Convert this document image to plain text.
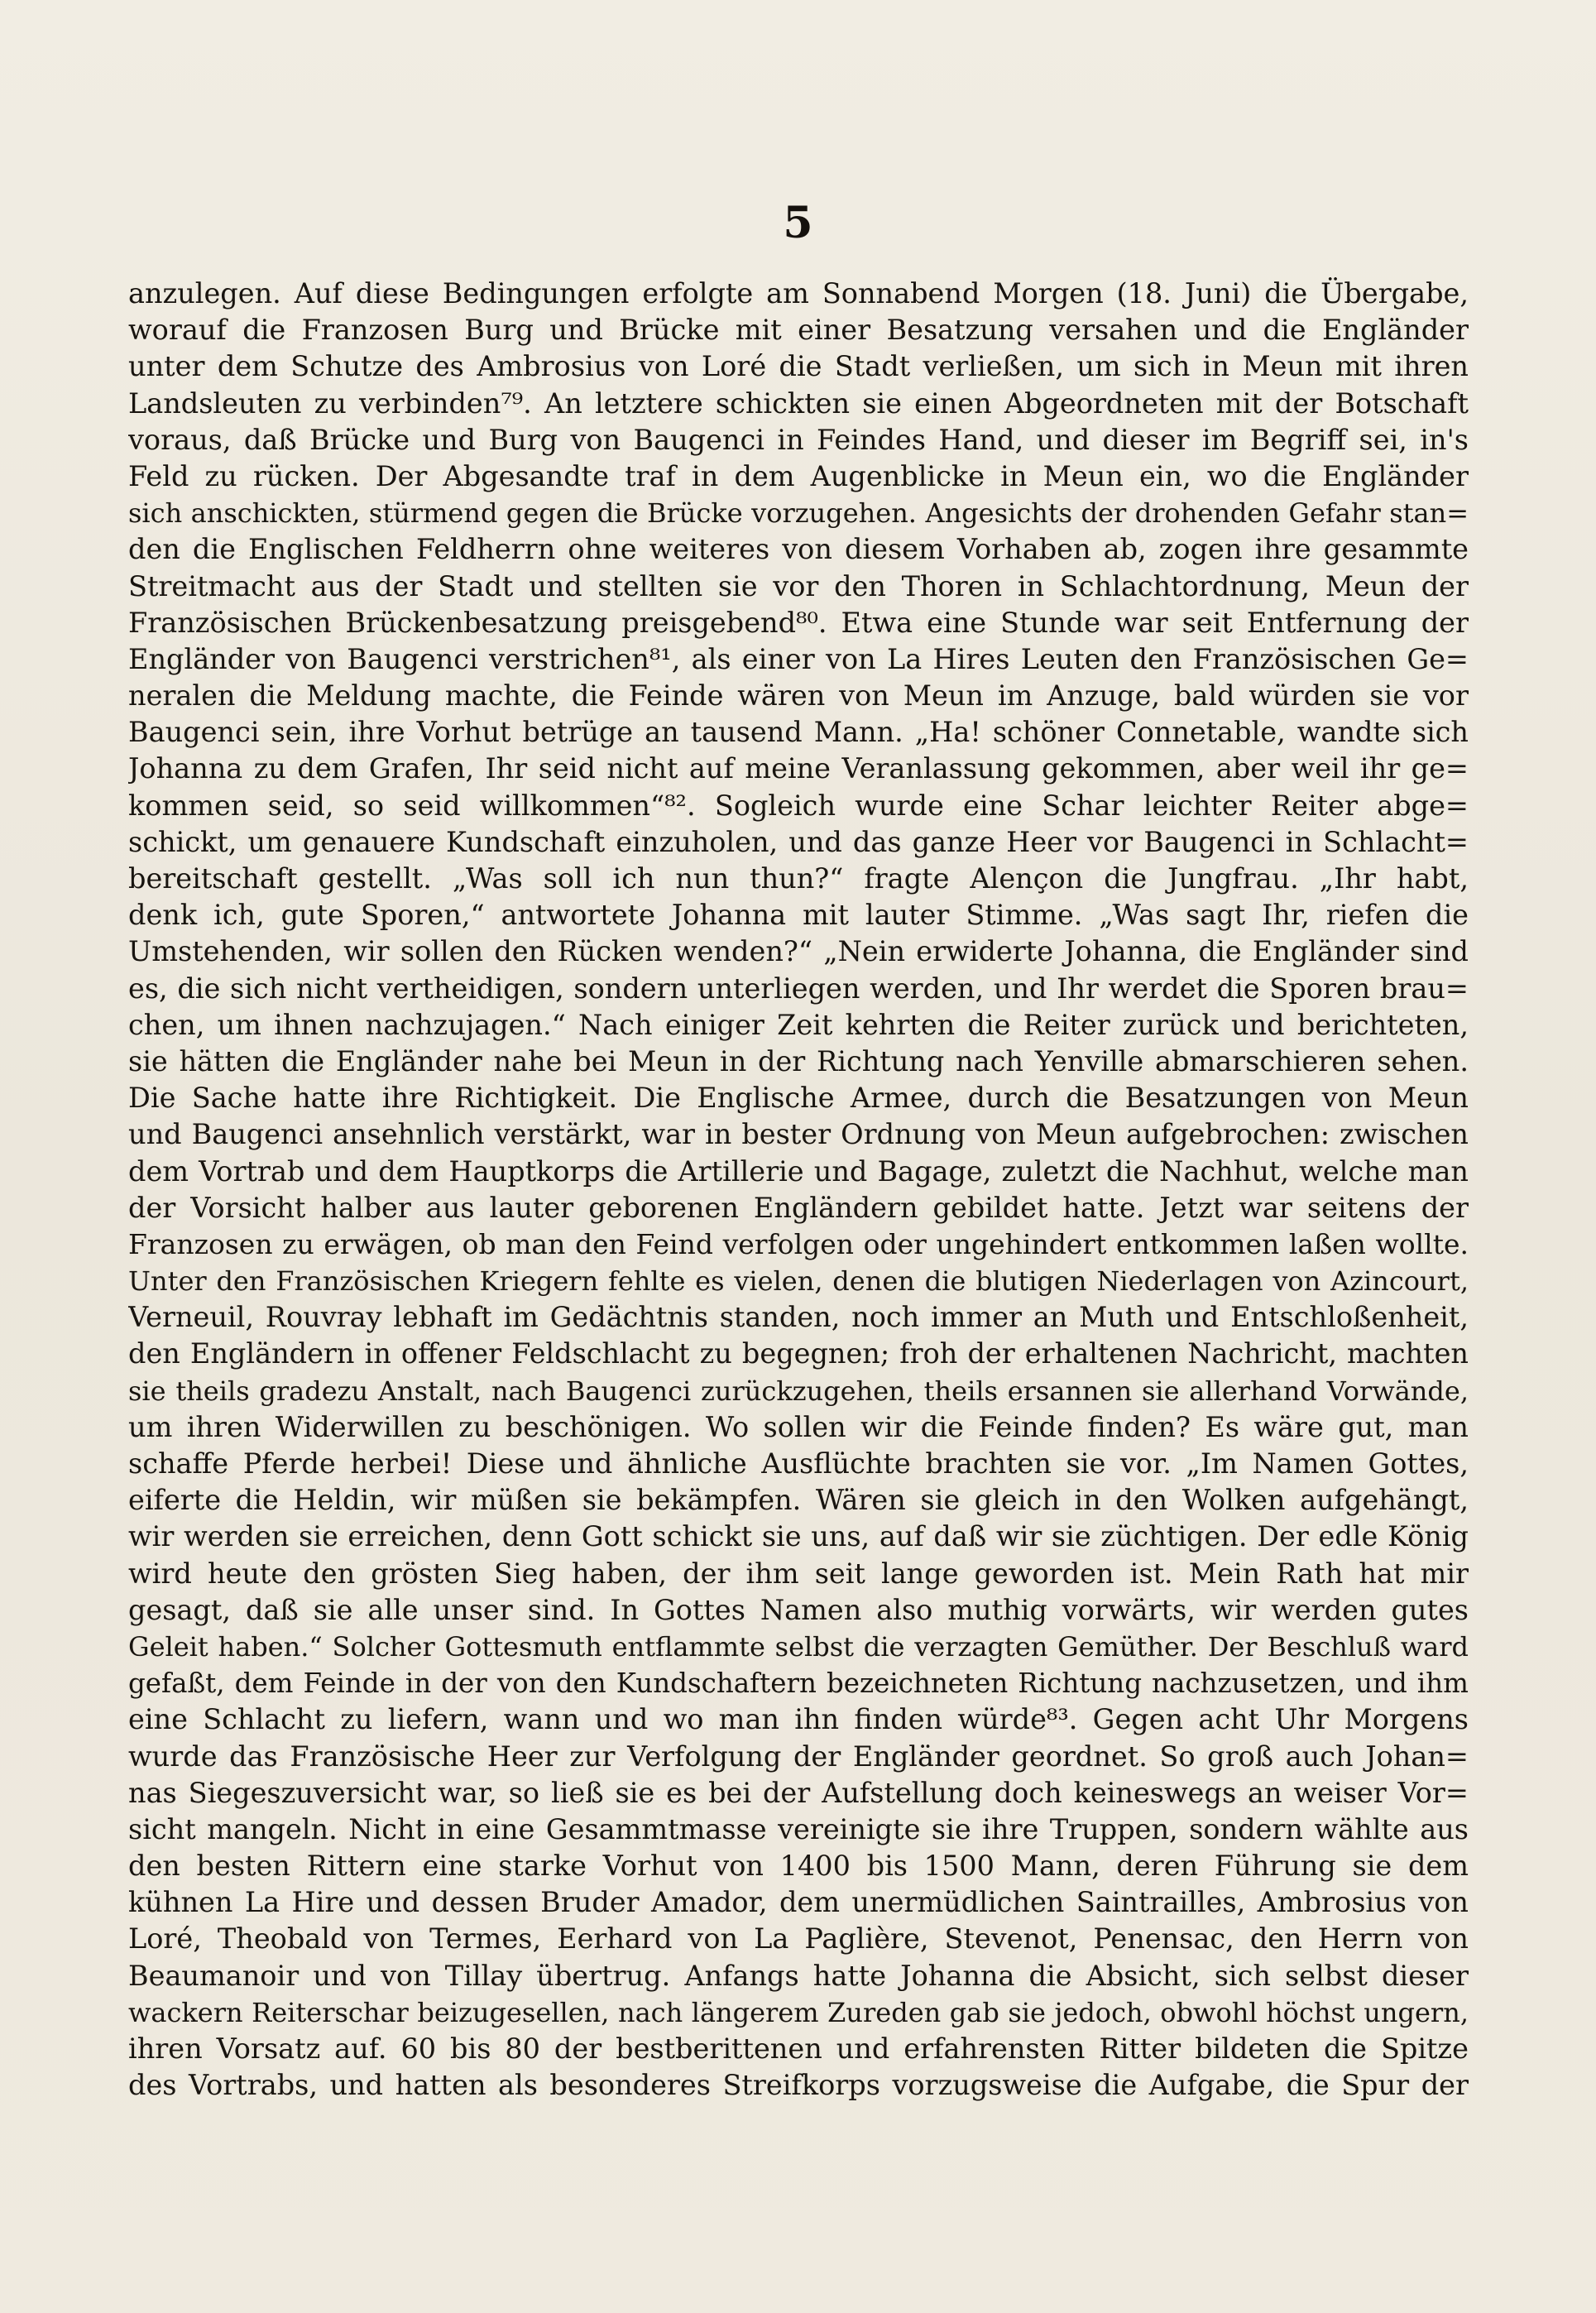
5
anzulegen. Auf diese Bedingungen erfolgte am Sonnabend Morgen (18. Juni) die Übergabe,
worauf die Franzosen Burg und Brücke mit einer Besatzung versahen und die Engländer
unter dem Schutze des Ambrosius von Loré die Stadt verließen, um sich in Meun mit ihren
Landsleuten zu verbinden⁷⁹. An letztere schickten sie einen Abgeordneten mit der Botschaft
voraus, daß Brücke und Burg von Baugenci in Feindes Hand, und dieser im Begriff sei, in's
Feld zu rücken. Der Abgesandte traf in dem Augenblicke in Meun ein, wo die Engländer
sich anschickten, stürmend gegen die Brücke vorzugehen. Angesichts der drohenden Gefahr stan=
den die Englischen Feldherrn ohne weiteres von diesem Vorhaben ab, zogen ihre gesammte
Streitmacht aus der Stadt und stellten sie vor den Thoren in Schlachtordnung, Meun der
Französischen Brückenbesatzung preisgebend⁸⁰. Etwa eine Stunde war seit Entfernung der
Engländer von Baugenci verstrichen⁸¹, als einer von La Hires Leuten den Französischen Ge=
neralen die Meldung machte, die Feinde wären von Meun im Anzuge, bald würden sie vor
Baugenci sein, ihre Vorhut betrüge an tausend Mann. „Ha! schöner Connetable, wandte sich
Johanna zu dem Grafen, Ihr seid nicht auf meine Veranlassung gekommen, aber weil ihr ge=
kommen seid, so seid willkommen“⁸². Sogleich wurde eine Schar leichter Reiter abge=
schickt, um genauere Kundschaft einzuholen, und das ganze Heer vor Baugenci in Schlacht=
bereitschaft gestellt. „Was soll ich nun thun?“ fragte Alençon die Jungfrau. „Ihr habt,
denk ich, gute Sporen,“ antwortete Johanna mit lauter Stimme. „Was sagt Ihr, riefen die
Umstehenden, wir sollen den Rücken wenden?“ „Nein erwiderte Johanna, die Engländer sind
es, die sich nicht vertheidigen, sondern unterliegen werden, und Ihr werdet die Sporen brau=
chen, um ihnen nachzujagen.“ Nach einiger Zeit kehrten die Reiter zurück und berichteten,
sie hätten die Engländer nahe bei Meun in der Richtung nach Yenville abmarschieren sehen.
Die Sache hatte ihre Richtigkeit. Die Englische Armee, durch die Besatzungen von Meun
und Baugenci ansehnlich verstärkt, war in bester Ordnung von Meun aufgebrochen: zwischen
dem Vortrab und dem Hauptkorps die Artillerie und Bagage, zuletzt die Nachhut, welche man
der Vorsicht halber aus lauter geborenen Engländern gebildet hatte. Jetzt war seitens der
Franzosen zu erwägen, ob man den Feind verfolgen oder ungehindert entkommen laßen wollte.
Unter den Französischen Kriegern fehlte es vielen, denen die blutigen Niederlagen von Azincourt,
Verneuil, Rouvray lebhaft im Gedächtnis standen, noch immer an Muth und Entschloßenheit,
den Engländern in offener Feldschlacht zu begegnen; froh der erhaltenen Nachricht, machten
sie theils gradezu Anstalt, nach Baugenci zurückzugehen, theils ersannen sie allerhand Vorwände,
um ihren Widerwillen zu beschönigen. Wo sollen wir die Feinde finden? Es wäre gut, man
schaffe Pferde herbei! Diese und ähnliche Ausflüchte brachten sie vor. „Im Namen Gottes,
eiferte die Heldin, wir müßen sie bekämpfen. Wären sie gleich in den Wolken aufgehängt,
wir werden sie erreichen, denn Gott schickt sie uns, auf daß wir sie züchtigen. Der edle König
wird heute den grösten Sieg haben, der ihm seit lange geworden ist. Mein Rath hat mir
gesagt, daß sie alle unser sind. In Gottes Namen also muthig vorwärts, wir werden gutes
Geleit haben.“ Solcher Gottesmuth entflammte selbst die verzagten Gemüther. Der Beschluß ward
gefaßt, dem Feinde in der von den Kundschaftern bezeichneten Richtung nachzusetzen, und ihm
eine Schlacht zu liefern, wann und wo man ihn finden würde⁸³. Gegen acht Uhr Morgens
wurde das Französische Heer zur Verfolgung der Engländer geordnet. So groß auch Johan=
nas Siegeszuversicht war, so ließ sie es bei der Aufstellung doch keineswegs an weiser Vor=
sicht mangeln. Nicht in eine Gesammtmasse vereinigte sie ihre Truppen, sondern wählte aus
den besten Rittern eine starke Vorhut von 1400 bis 1500 Mann, deren Führung sie dem
kühnen La Hire und dessen Bruder Amador, dem unermüdlichen Saintrailles, Ambrosius von
Loré, Theobald von Termes, Eerhard von La Paglière, Stevenot, Penensac, den Herrn von
Beaumanoir und von Tillay übertrug. Anfangs hatte Johanna die Absicht, sich selbst dieser
wackern Reiterschar beizugesellen, nach längerem Zureden gab sie jedoch, obwohl höchst ungern,
ihren Vorsatz auf. 60 bis 80 der bestberittenen und erfahrensten Ritter bildeten die Spitze
des Vortrabs, und hatten als besonderes Streifkorps vorzugsweise die Aufgabe, die Spur der
